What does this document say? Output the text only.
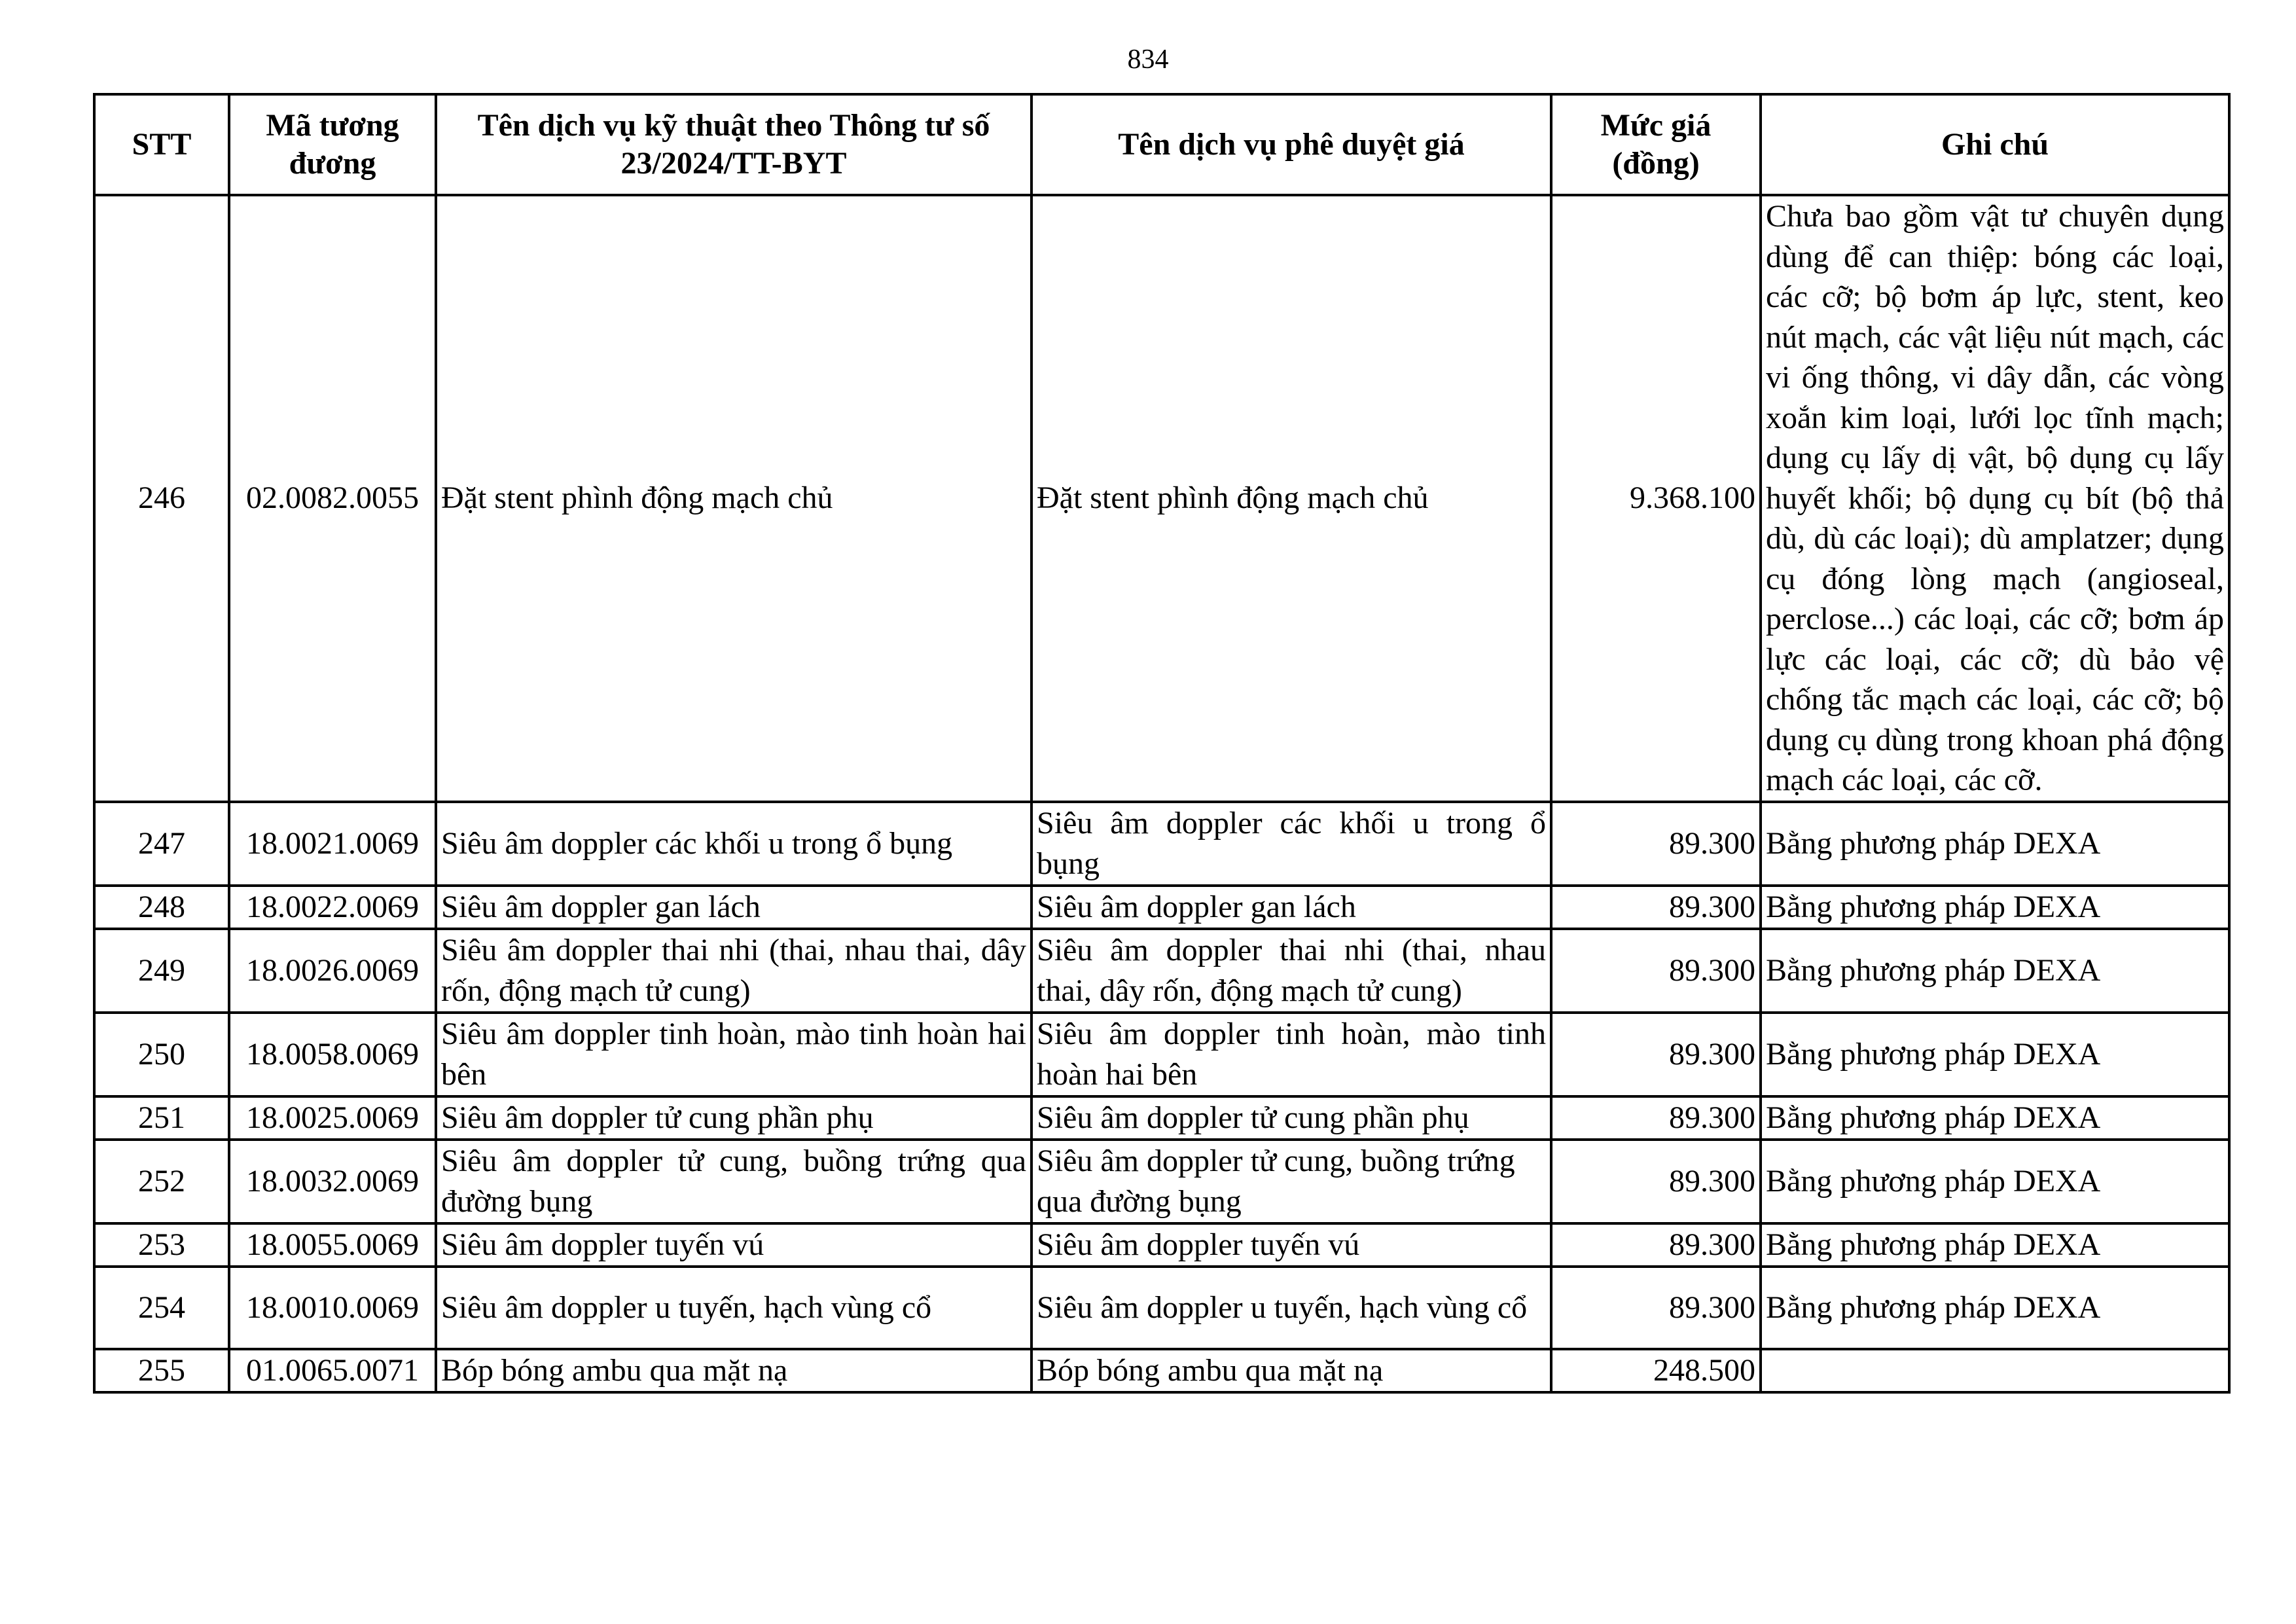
834
STT	Mã tương đương	Tên dịch vụ kỹ thuật theo Thông tư số 23/2024/TT-BYT	Tên dịch vụ phê duyệt giá	Mức giá (đồng)	Ghi chú
246	02.0082.0055	Đặt stent phình động mạch chủ	Đặt stent phình động mạch chủ	9.368.100	Chưa bao gồm vật tư chuyên dụng dùng để can thiệp: bóng các loại, các cỡ; bộ bơm áp lực, stent, keo nút mạch, các vật liệu nút mạch, các vi ống thông, vi dây dẫn, các vòng xoắn kim loại, lưới lọc tĩnh mạch; dụng cụ lấy dị vật, bộ dụng cụ lấy huyết khối; bộ dụng cụ bít (bộ thả dù, dù các loại); dù amplatzer; dụng cụ đóng lòng mạch (angioseal, perclose...) các loại, các cỡ; bơm áp lực các loại, các cỡ; dù bảo vệ chống tắc mạch các loại, các cỡ; bộ dụng cụ dùng trong khoan phá động mạch các loại, các cỡ.
247	18.0021.0069	Siêu âm doppler các khối u trong ổ bụng	Siêu âm doppler các khối u trong ổ bụng	89.300	Bằng phương pháp DEXA
248	18.0022.0069	Siêu âm doppler gan lách	Siêu âm doppler gan lách	89.300	Bằng phương pháp DEXA
249	18.0026.0069	Siêu âm doppler thai nhi (thai, nhau thai, dây rốn, động mạch tử cung)	Siêu âm doppler thai nhi (thai, nhau thai, dây rốn, động mạch tử cung)	89.300	Bằng phương pháp DEXA
250	18.0058.0069	Siêu âm doppler tinh hoàn, mào tinh hoàn hai bên	Siêu âm doppler tinh hoàn, mào tinh hoàn hai bên	89.300	Bằng phương pháp DEXA
251	18.0025.0069	Siêu âm doppler tử cung phần phụ	Siêu âm doppler tử cung phần phụ	89.300	Bằng phương pháp DEXA
252	18.0032.0069	Siêu âm doppler tử cung, buồng trứng qua đường bụng	Siêu âm doppler tử cung, buồng trứng qua đường bụng	89.300	Bằng phương pháp DEXA
253	18.0055.0069	Siêu âm doppler tuyến vú	Siêu âm doppler tuyến vú	89.300	Bằng phương pháp DEXA
254	18.0010.0069	Siêu âm doppler u tuyến, hạch vùng cổ	Siêu âm doppler u tuyến, hạch vùng cổ	89.300	Bằng phương pháp DEXA
255	01.0065.0071	Bóp bóng ambu qua mặt nạ	Bóp bóng ambu qua mặt nạ	248.500	
